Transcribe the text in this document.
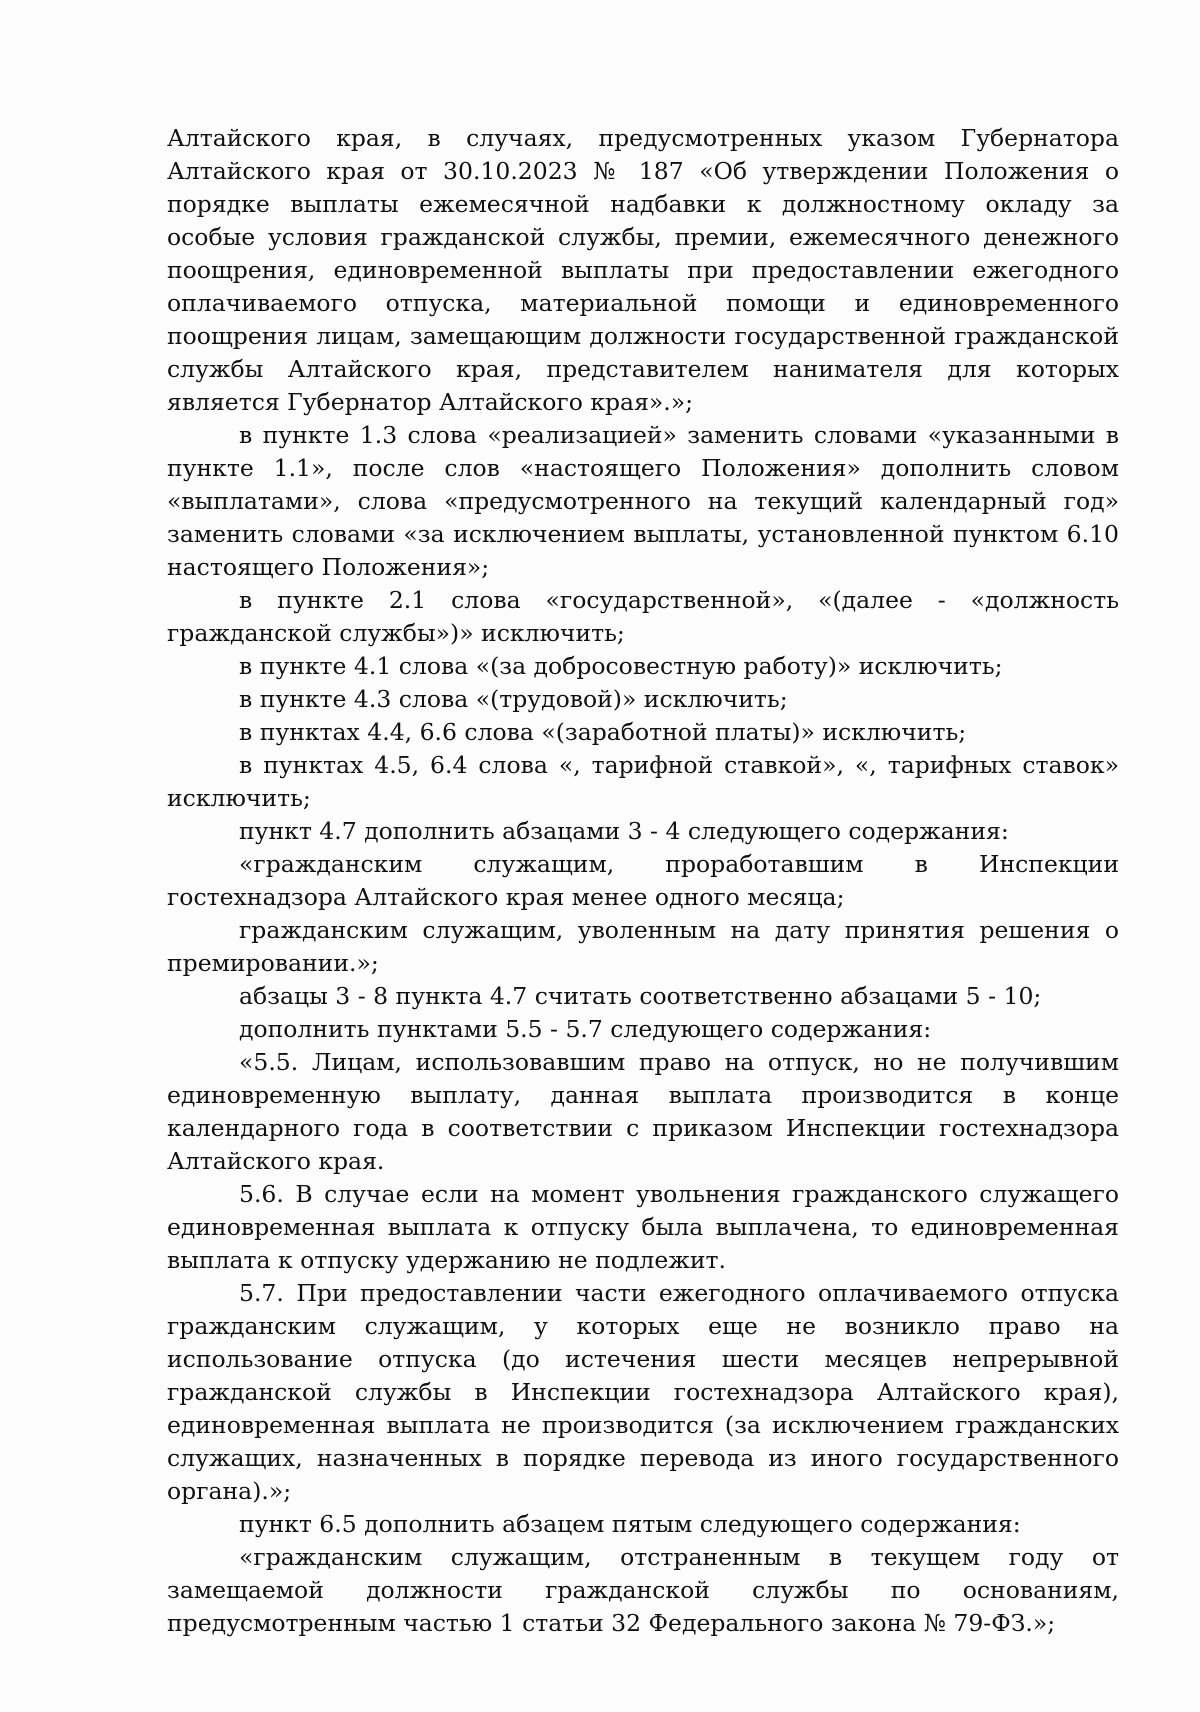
Алтайского края, в случаях, предусмотренных указом Губернатора Алтайского края от 30.10.2023 № 187 «Об утверждении Положения о порядке выплаты ежемесячной надбавки к должностному окладу за особые условия гражданской службы, премии, ежемесячного денежного поощрения, единовременной выплаты при предоставлении ежегодного оплачиваемого отпуска, материальной помощи и единовременного поощрения лицам, замещающим должности государственной гражданской службы Алтайского края, представителем нанимателя для которых является Губернатор Алтайского края».»;

в пункте 1.3 слова «реализацией» заменить словами «указанными в пункте 1.1», после слов «настоящего Положения» дополнить словом «выплатами», слова «предусмотренного на текущий календарный год» заменить словами «за исключением выплаты, установленной пунктом 6.10 настоящего Положения»;

в пункте 2.1 слова «государственной», «(далее - «должность гражданской службы»)» исключить;

в пункте 4.1 слова «(за добросовестную работу)» исключить;

в пункте 4.3 слова «(трудовой)» исключить;

в пунктах 4.4, 6.6 слова «(заработной платы)» исключить;

в пунктах 4.5, 6.4 слова «, тарифной ставкой», «, тарифных ставок» исключить;

пункт 4.7 дополнить абзацами 3 - 4 следующего содержания:

«гражданским служащим, проработавшим в Инспекции гостехнадзора Алтайского края менее одного месяца;

гражданским служащим, уволенным на дату принятия решения о премировании.»;

абзацы 3 - 8 пункта 4.7 считать соответственно абзацами 5 - 10;

дополнить пунктами 5.5 - 5.7 следующего содержания:

«5.5. Лицам, использовавшим право на отпуск, но не получившим единовременную выплату, данная выплата производится в конце календарного года в соответствии с приказом Инспекции гостехнадзора Алтайского края.

5.6. В случае если на момент увольнения гражданского служащего единовременная выплата к отпуску была выплачена, то единовременная выплата к отпуску удержанию не подлежит.

5.7. При предоставлении части ежегодного оплачиваемого отпуска гражданским служащим, у которых еще не возникло право на использование отпуска (до истечения шести месяцев непрерывной гражданской службы в Инспекции гостехнадзора Алтайского края), единовременная выплата не производится (за исключением гражданских служащих, назначенных в порядке перевода из иного государственного органа).»;

пункт 6.5 дополнить абзацем пятым следующего содержания:

«гражданским служащим, отстраненным в текущем году от замещаемой должности гражданской службы по основаниям, предусмотренным частью 1 статьи 32 Федерального закона № 79-ФЗ.»;
